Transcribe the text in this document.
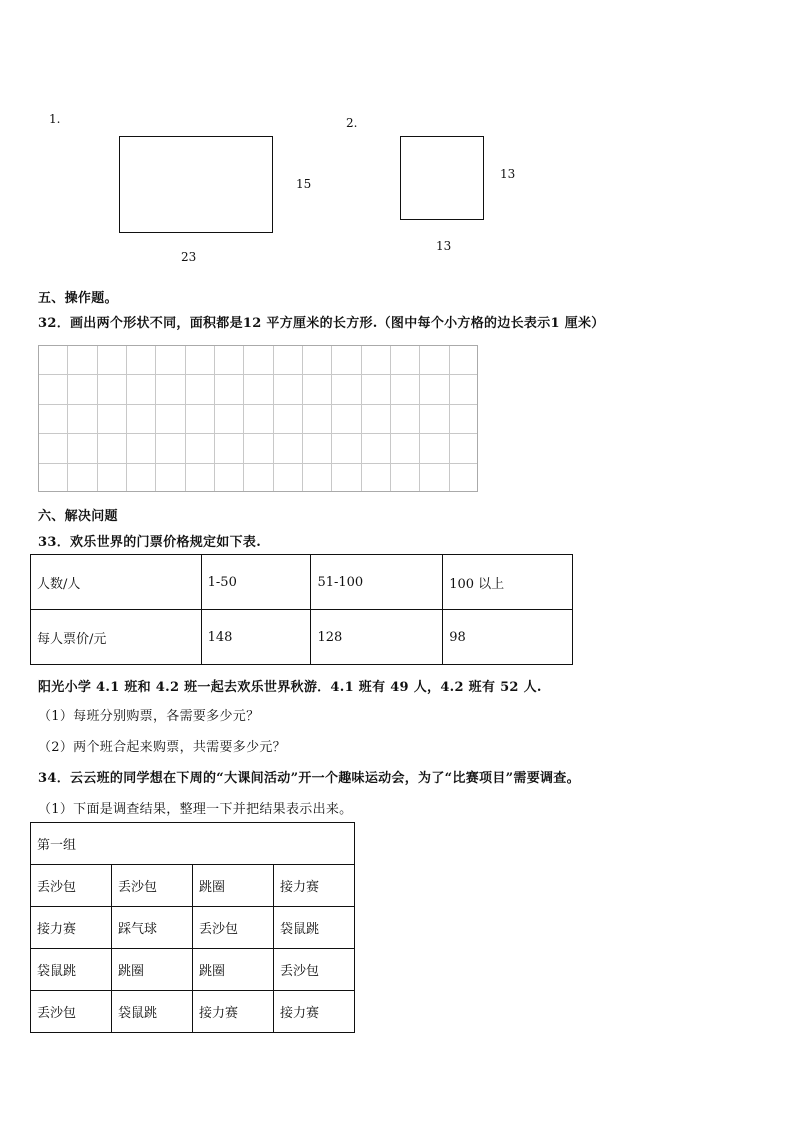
1.
15
23
2.
13
13
五、操作题。
32．画出两个形状不同，面积都是12 平方厘米的长方形.（图中每个小方格的边长表示1 厘米）
六、解决问题
33．欢乐世界的门票价格规定如下表.
人数/人	1-50	51-100	100 以上
每人票价/元	148	128	98
阳光小学 4.1 班和 4.2 班一起去欢乐世界秋游．4.1 班有 49 人，4.2 班有 52 人.
（1）每班分别购票，各需要多少元？
（2）两个班合起来购票，共需要多少元？
34．云云班的同学想在下周的“大课间活动”开一个趣味运动会，为了“比赛项目”需要调查。
（1）下面是调查结果，整理一下并把结果表示出来。
第一组			
丢沙包	丢沙包	跳圈	接力赛
接力赛	踩气球	丢沙包	袋鼠跳
袋鼠跳	跳圈	跳圈	丢沙包
丢沙包	袋鼠跳	接力赛	接力赛
